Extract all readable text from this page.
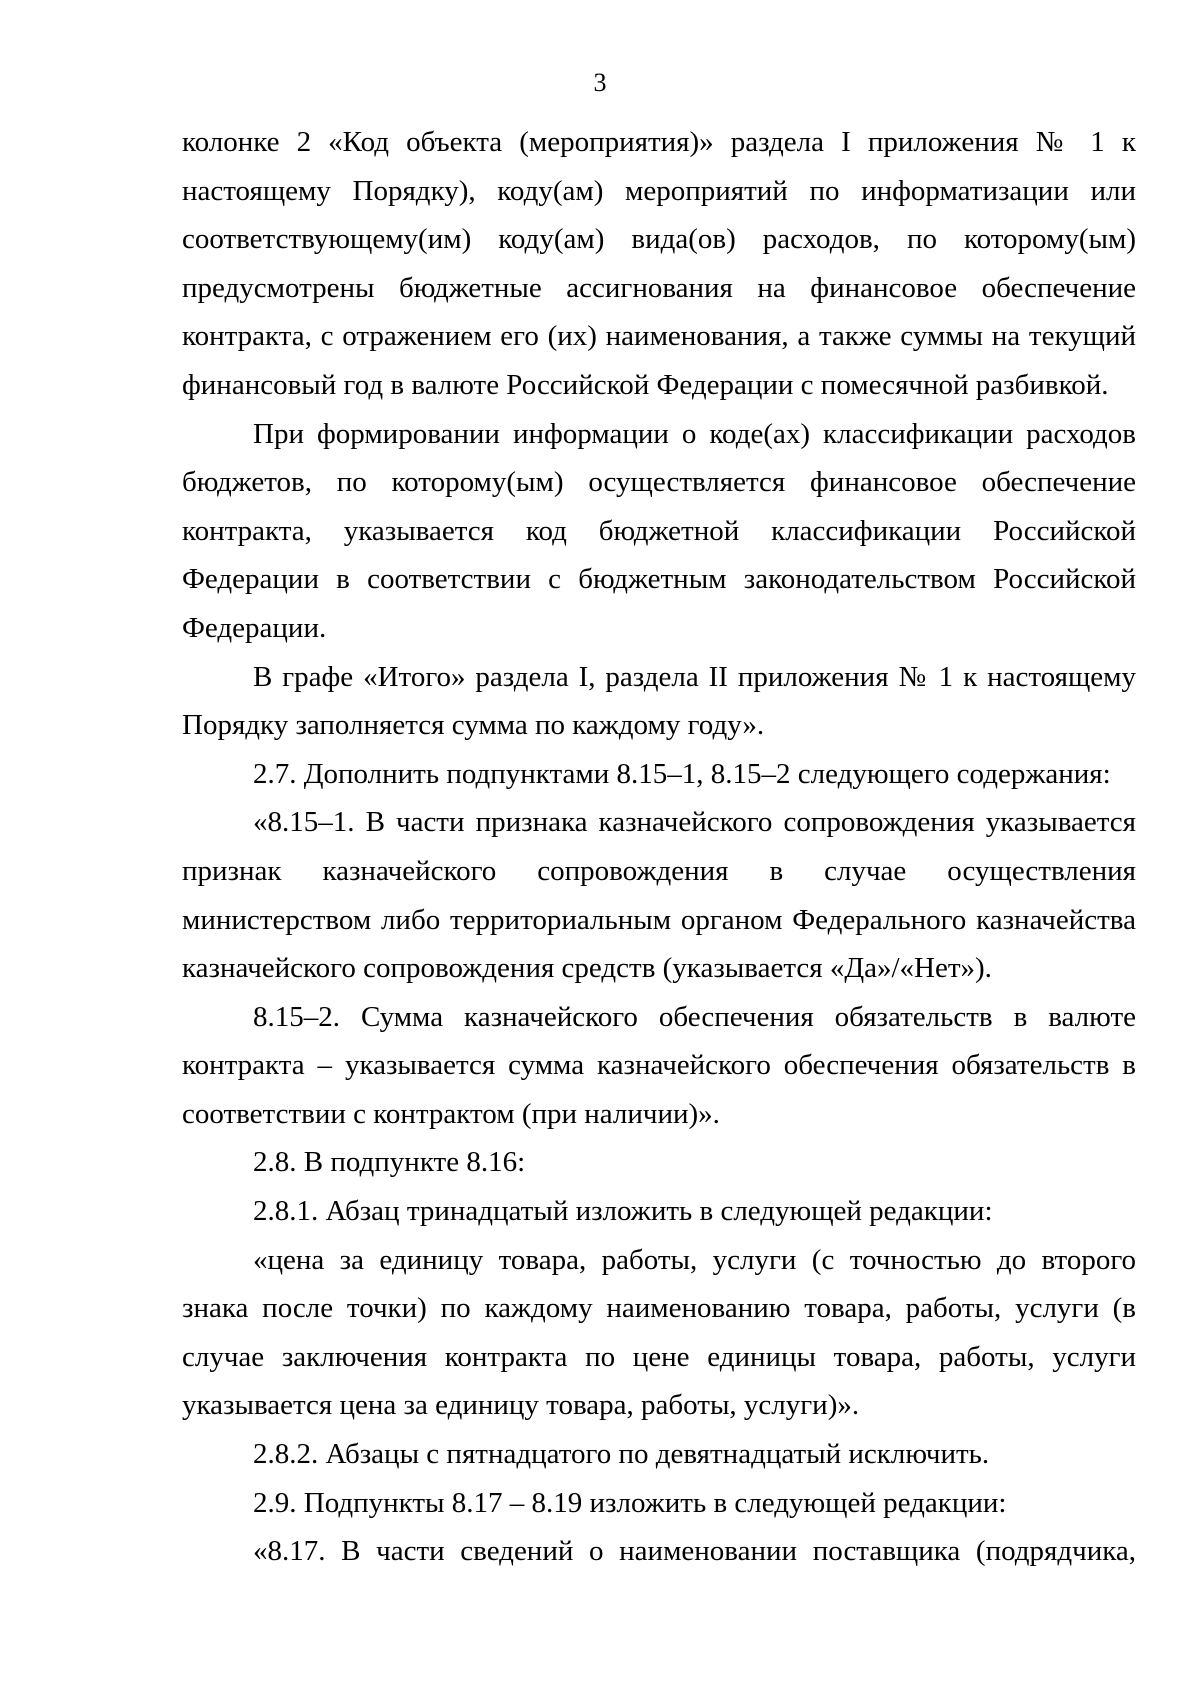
3

колонке 2 «Код объекта (мероприятия)» раздела I приложения № 1 к настоящему Порядку), коду(ам) мероприятий по информатизации или соответствующему(им) коду(ам) вида(ов) расходов, по которому(ым) предусмотрены бюджетные ассигнования на финансовое обеспечение контракта, с отражением его (их) наименования, а также суммы на текущий финансовый год в валюте Российской Федерации с помесячной разбивкой.

При формировании информации о коде(ах) классификации расходов бюджетов, по которому(ым) осуществляется финансовое обеспечение контракта, указывается код бюджетной классификации Российской Федерации в соответствии с бюджетным законодательством Российской Федерации.

В графе «Итого» раздела I, раздела II приложения № 1 к настоящему Порядку заполняется сумма по каждому году».

2.7. Дополнить подпунктами 8.15–1, 8.15–2 следующего содержания:

«8.15–1. В части признака казначейского сопровождения указывается признак казначейского сопровождения в случае осуществления министерством либо территориальным органом Федерального казначейства казначейского сопровождения средств (указывается «Да»/«Нет»).

8.15–2. Сумма казначейского обеспечения обязательств в валюте контракта – указывается сумма казначейского обеспечения обязательств в соответствии с контрактом (при наличии)».

2.8. В подпункте 8.16:

2.8.1. Абзац тринадцатый изложить в следующей редакции:

«цена за единицу товара, работы, услуги (с точностью до второго знака после точки) по каждому наименованию товара, работы, услуги (в случае заключения контракта по цене единицы товара, работы, услуги указывается цена за единицу товара, работы, услуги)».

2.8.2. Абзацы с пятнадцатого по девятнадцатый исключить.

2.9. Подпункты 8.17 – 8.19 изложить в следующей редакции:

«8.17. В части сведений о наименовании поставщика (подрядчика,
